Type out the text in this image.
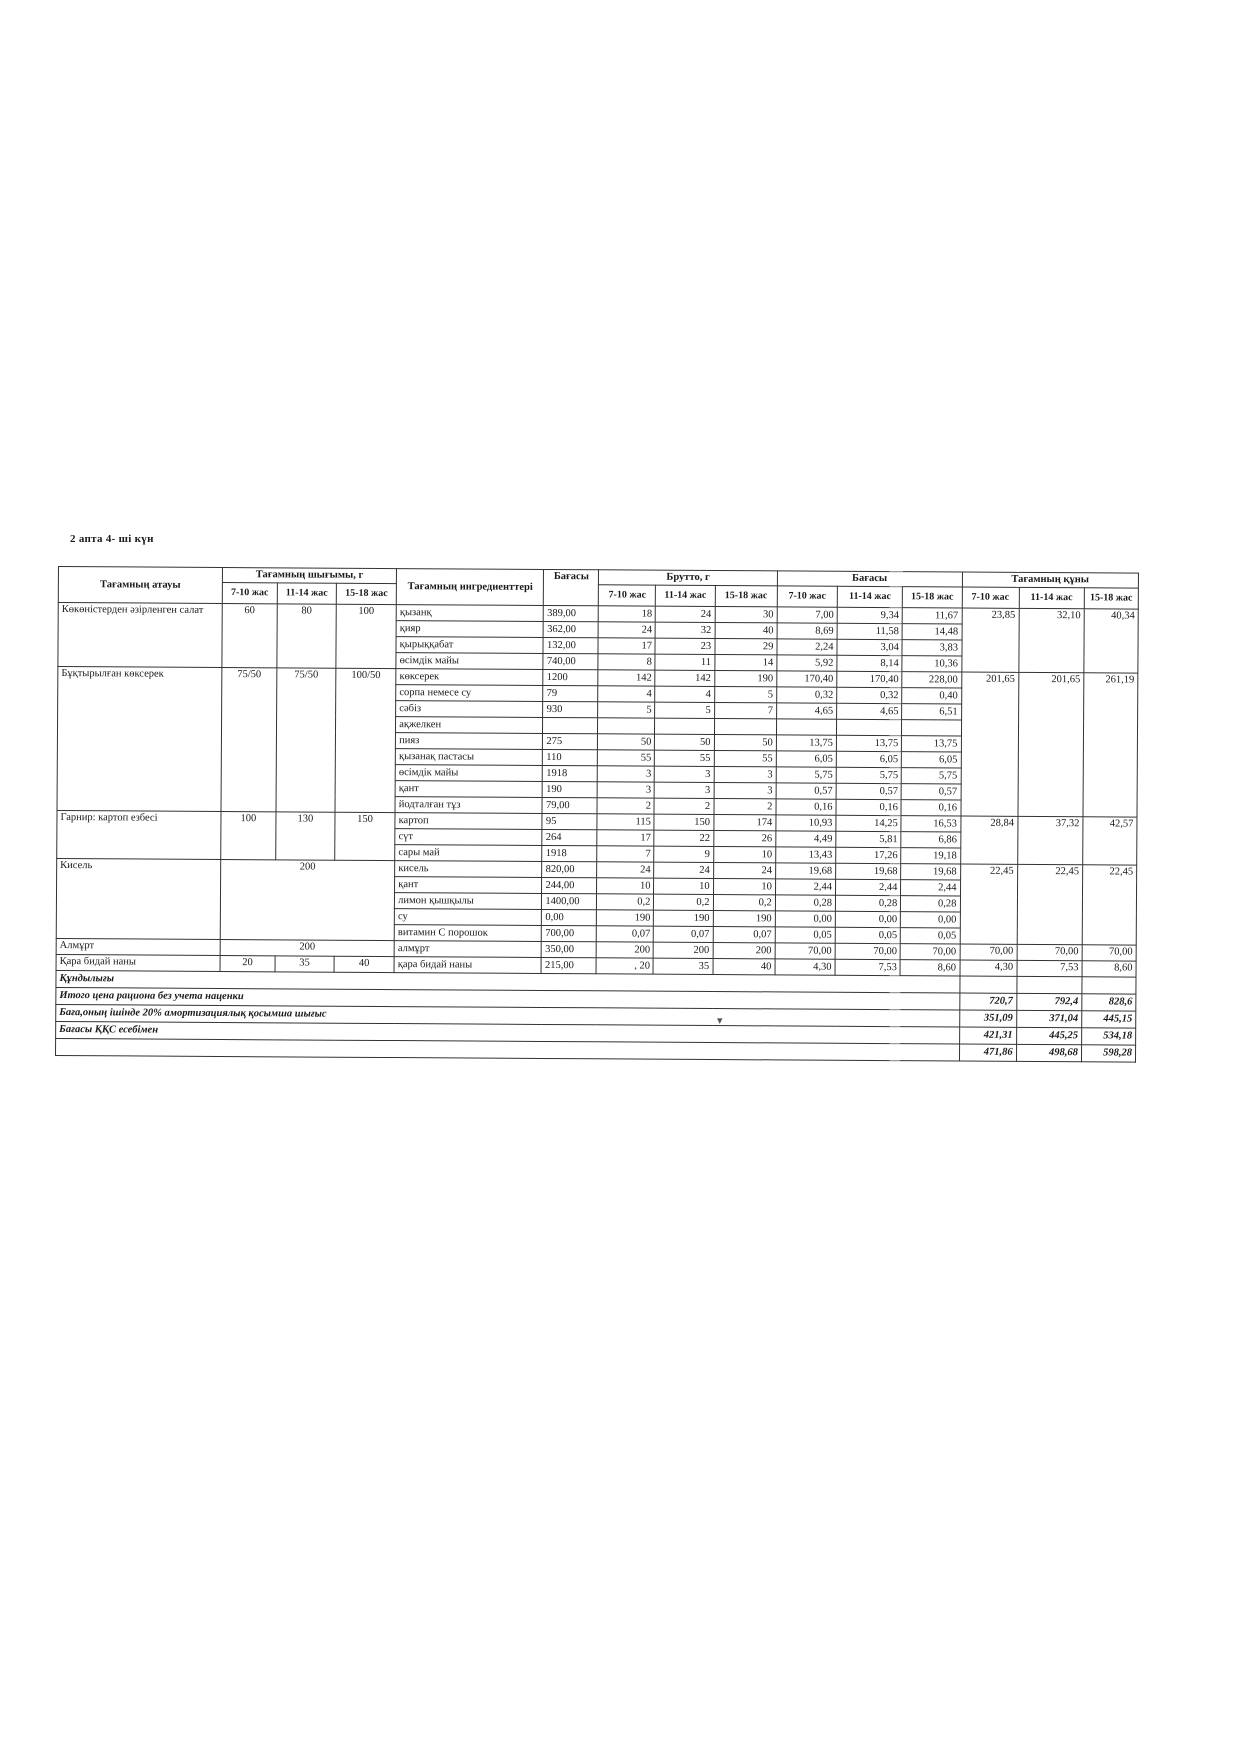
2 апта 4- ші күн
Тағамның атауы	Тағамның шығымы, г			Тағамның ингредиенттері	Бағасы	Брутто, г			Бағасы			Тағамның құны		
	7-10 жас	11-14 жас	15-18 жас			7-10 жас	11-14 жас	15-18 жас	7-10 жас	11-14 жас	15-18 жас	7-10 жас	11-14 жас	15-18 жас
Көкөністерден әзірленген салат	60	80	100	қызанқ	389,00	18	24	30	7,00	9,34	11,67	23,85	32,10	40,34
				қияр	362,00	24	32	40	8,69	11,58	14,48			
				қырыққабат	132,00	17	23	29	2,24	3,04	3,83			
				өсімдік майы	740,00	8	11	14	5,92	8,14	10,36			
Бұқтырылған көксерек	75/50	75/50	100/50	көксерек	1200	142	142	190	170,40	170,40	228,00	201,65	201,65	261,19
				сорпа немесе су	79	4	4	5	0,32	0,32	0,40			
				сәбіз	930	5	5	7	4,65	4,65	6,51			
				ақжелкен										
				пияз	275	50	50	50	13,75	13,75	13,75			
				қызанақ пастасы	110	55	55	55	6,05	6,05	6,05			
				өсімдік майы	1918	3	3	3	5,75	5,75	5,75			
				қант	190	3	3	3	0,57	0,57	0,57			
				йодталған тұз	79,00	2	2	2	0,16	0,16	0,16			
Гарнир: картоп езбесі	100	130	150	картоп	95	115	150	174	10,93	14,25	16,53	28,84	37,32	42,57
				сүт	264	17	22	26	4,49	5,81	6,86			
				сары май	1918	7	9	10	13,43	17,26	19,18			
Кисель	200			кисель	820,00	24	24	24	19,68	19,68	19,68	22,45	22,45	22,45
				қант	244,00	10	10	10	2,44	2,44	2,44			
				лимон қышқылы	1400,00	0,2	0,2	0,2	0,28	0,28	0,28			
				су	0,00	190	190	190	0,00	0,00	0,00			
				витамин С порошок	700,00	0,07	0,07	0,07	0,05	0,05	0,05			
Алмұрт	200			алмұрт	350,00	200	200	200	70,00	70,00	70,00	70,00	70,00	70,00
Қара бидай наны	20	35	40	қара бидай наны	215,00	, 20	35	40	4,30	7,53	8,60	4,30	7,53	8,60
Құндылығы														
Итого цена рациона без учета наценки												720,7	792,4	828,6
Баға,оның ішінде 20% амортизациялық қосымша шығыс												351,09	371,04	445,15
Бағасы ҚҚС есебімен												421,31	445,25	534,18
												471,86	498,68	598,28
▾
